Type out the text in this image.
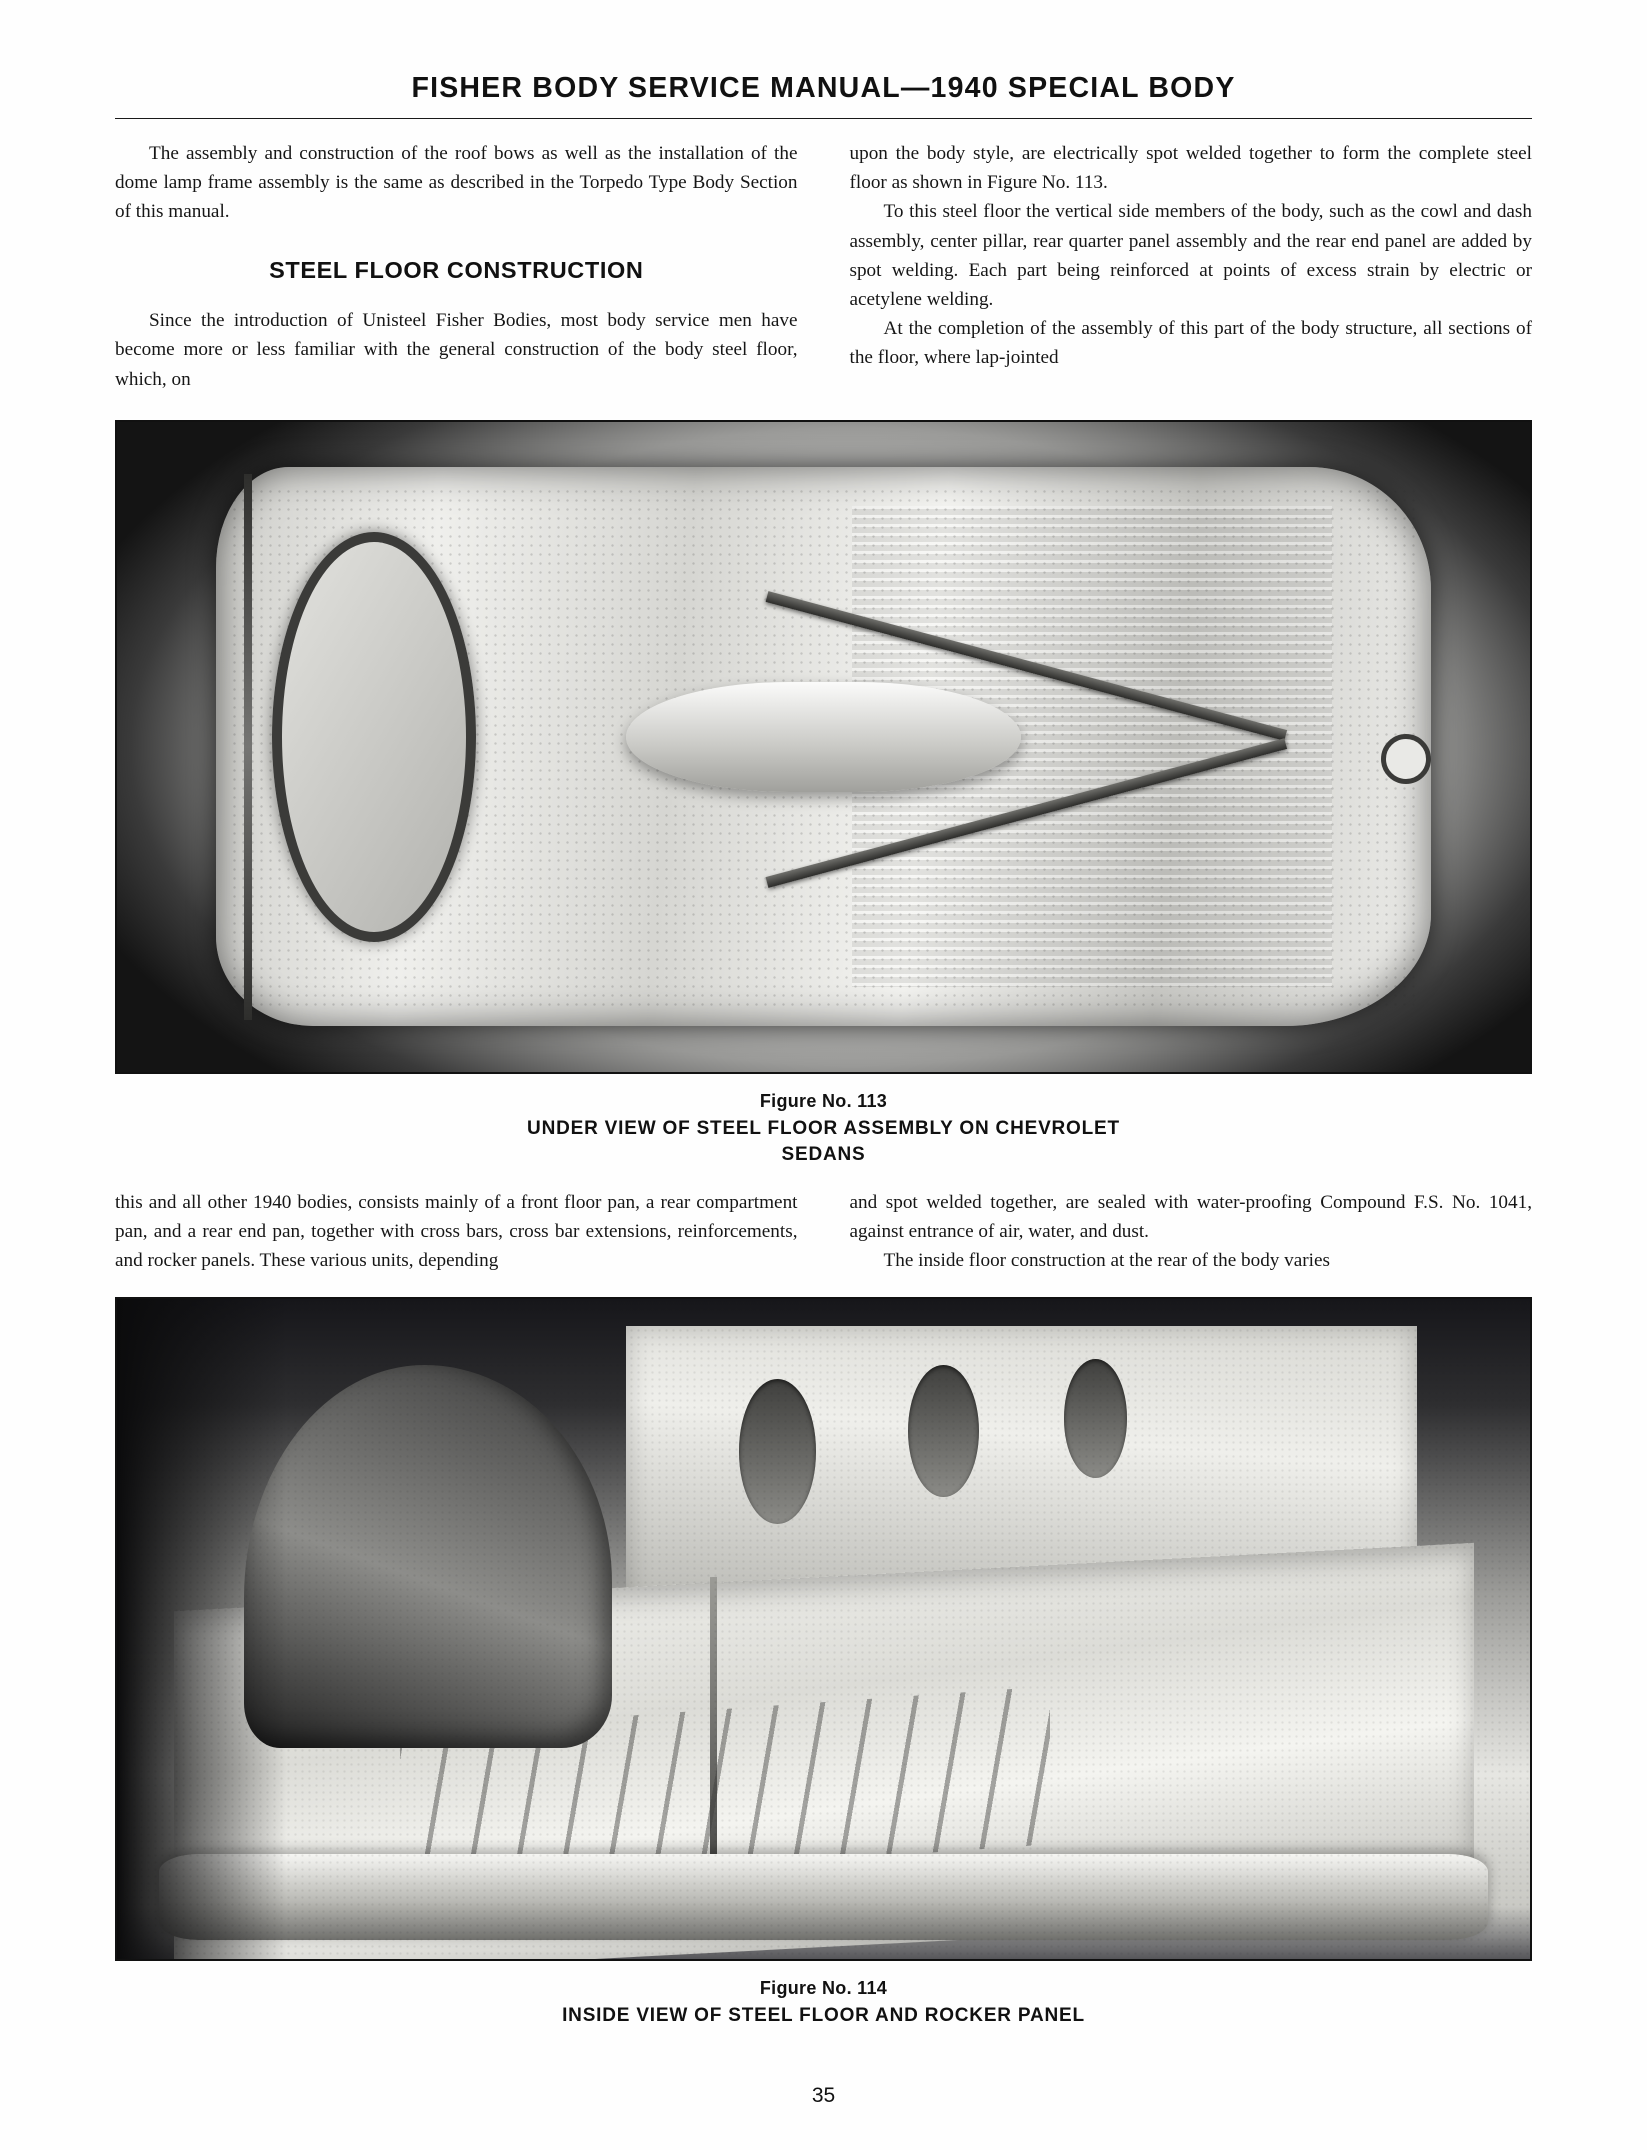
FISHER BODY SERVICE MANUAL—1940 SPECIAL BODY

The assembly and construction of the roof bows as well as the installation of the dome lamp frame assembly is the same as described in the Torpedo Type Body Section of this manual.

STEEL FLOOR CONSTRUCTION

Since the introduction of Unisteel Fisher Bodies, most body service men have become more or less familiar with the general construction of the body steel floor, which, on

upon the body style, are electrically spot welded together to form the complete steel floor as shown in Figure No. 113.

To this steel floor the vertical side members of the body, such as the cowl and dash assembly, center pillar, rear quarter panel assembly and the rear end panel are added by spot welding. Each part being reinforced at points of excess strain by electric or acetylene welding.

At the completion of the assembly of this part of the body structure, all sections of the floor, where lap-jointed

Figure No. 113
UNDER VIEW OF STEEL FLOOR ASSEMBLY ON CHEVROLET
SEDANS

this and all other 1940 bodies, consists mainly of a front floor pan, a rear compartment pan, and a rear end pan, together with cross bars, cross bar extensions, reinforcements, and rocker panels. These various units, depending

and spot welded together, are sealed with water-proofing Compound F.S. No. 1041, against entrance of air, water, and dust.

The inside floor construction at the rear of the body varies

Figure No. 114
INSIDE VIEW OF STEEL FLOOR AND ROCKER PANEL
35
